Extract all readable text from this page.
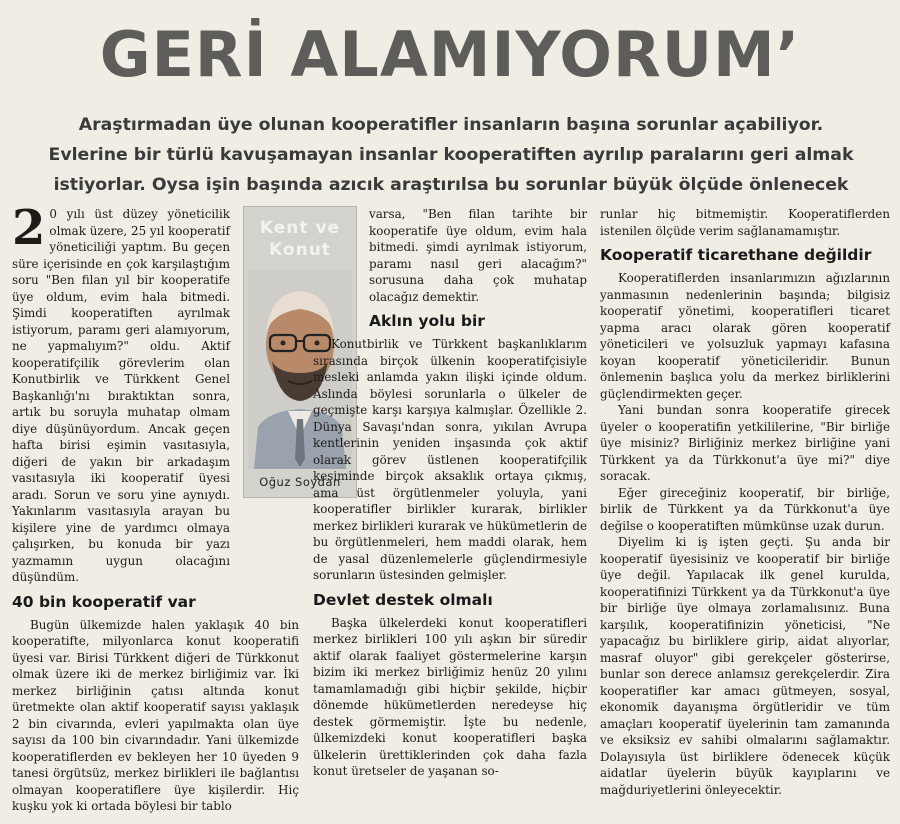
GERİ ALAMIYORUM’
Araştırmadan üye olunan kooperatifler insanların başına sorunlar açabiliyor.
Evlerine bir türlü kavuşamayan insanlar kooperatiften ayrılıp paralarını geri almak
istiyorlar. Oysa işin başında azıcık araştırılsa bu sorunlar büyük ölçüde önlenecek
2 0 yılı üst düzey yöneticilik olmak üzere, 25 yıl kooperatif yöneticiliği yaptım. Bu geçen süre içerisinde en çok karşılaştığım soru "Ben filan yıl bir kooperatife üye oldum, evim hala bitmedi. Şimdi kooperatiften ayrılmak istiyorum, paramı geri alamıyorum, ne yapmalıyım?" oldu. Aktif kooperatifçilik görevlerim olan Konutbirlik ve Türkkent Genel Başkanlığı'nı bıraktıktan sonra, artık bu soruyla muhatap olmam diye düşünüyordum. Ancak geçen hafta birisi eşimin vasıtasıyla, diğeri de yakın bir arkadaşım vasıtasıyla iki kooperatif üyesi aradı. Sorun ve soru yine aynıydı. Yakınlarım vasıtasıyla arayan bu kişilere yine de yardımcı olmaya çalışırken, bu konuda bir yazı yazmamın uygun olacağını düşündüm.

40 bin kooperatif var

Bugün ülkemizde halen yaklaşık 40 bin kooperatifte, milyonlarca konut kooperatifi üyesi var. Birisi Türkkent diğeri de Türkkonut olmak üzere iki de merkez birliğimiz var. İki merkez birliğinin çatısı altında konut üretmekte olan aktif kooperatif sayısı yaklaşık 2 bin civarında, evleri yapılmakta olan üye sayısı da 100 bin civarındadır. Yani ülkemizde kooperatiflerden ev bekleyen her 10 üyeden 9 tanesi örgütsüz, merkez birlikleri ile bağlantısı olmayan kooperatiflere üye kişilerdir. Hiç kuşku yok ki ortada böylesi bir tablo

Kent ve
Konut
Oğuz Soydan

varsa, "Ben filan tarihte bir kooperatife üye oldum, evim hala bitmedi. şimdi ayrılmak istiyorum, paramı nasıl geri alacağım?" sorusuna daha çok muhatap olacağız demektir.

Aklın yolu bir

Konutbirlik ve Türkkent başkanlıklarım sırasında birçok ülkenin kooperatifçisiyle mesleki anlamda yakın ilişki içinde oldum. Aslında böylesi sorunlarla o ülkeler de geçmişte karşı karşıya kalmışlar. Özellikle 2. Dünya Savaşı'ndan sonra, yıkılan Avrupa kentlerinin yeniden inşasında çok aktif olarak görev üstlenen kooperatifçilik kesiminde birçok aksaklık ortaya çıkmış, ama üst örgütlenmeler yoluyla, yani kooperatifler birlikler kurarak, birlikler merkez birlikleri kurarak ve hükümetlerin de bu örgütlenmeleri, hem maddi olarak, hem de yasal düzenlemelerle güçlendirmesiyle sorunların üstesinden gelmişler.

Devlet destek olmalı

Başka ülkelerdeki konut kooperatifleri merkez birlikleri 100 yılı aşkın bir süredir aktif olarak faaliyet göstermelerine karşın bizim iki merkez birliğimiz henüz 20 yılını tamamlamadığı gibi hiçbir şekilde, hiçbir dönemde hükümetlerden neredeyse hiç destek görmemiştir. İşte bu nedenle, ülkemizdeki konut kooperatifleri başka ülkelerin ürettiklerinden çok daha fazla konut üretseler de yaşanan so-

runlar hiç bitmemiştir. Kooperatiflerden istenilen ölçüde verim sağlanamamıştır.

Kooperatif ticarethane değildir

Kooperatiflerden insanlarımızın ağızlarının yanmasının nedenlerinin başında; bilgisiz kooperatif yönetimi, kooperatifleri ticaret yapma aracı olarak gören kooperatif yöneticileri ve yolsuzluk yapmayı kafasına koyan kooperatif yöneticileridir. Bunun önlemenin başlıca yolu da merkez birliklerini güçlendirmekten geçer.

Yani bundan sonra kooperatife girecek üyeler o kooperatifin yetkililerine, "Bir birliğe üye misiniz? Birliğiniz merkez birliğine yani Türkkent ya da Türkkonut'a üye mi?" diye soracak.

Eğer gireceğiniz kooperatif, bir birliğe, birlik de Türkkent ya da Türkkonut'a üye değilse o kooperatiften mümkünse uzak durun.

Diyelim ki iş işten geçti. Şu anda bir kooperatif üyesisiniz ve kooperatif bir birliğe üye değil. Yapılacak ilk genel kurulda, kooperatifinizi Türkkent ya da Türkkonut'a üye bir birliğe üye olmaya zorlamalısınız. Buna karşılık, kooperatifinizin yöneticisi, "Ne yapacağız bu birliklere girip, aidat alıyorlar, masraf oluyor" gibi gerekçeler gösterirse, bunlar son derece anlamsız gerekçelerdir. Zira kooperatifler kar amacı gütmeyen, sosyal, ekonomik dayanışma örgütleridir ve tüm amaçları kooperatif üyelerinin tam zamanında ve eksiksiz ev sahibi olmalarını sağlamaktır. Dolayısıyla üst birliklere ödenecek küçük aidatlar üyelerin büyük kayıplarını ve mağduriyetlerini önleyecektir.
